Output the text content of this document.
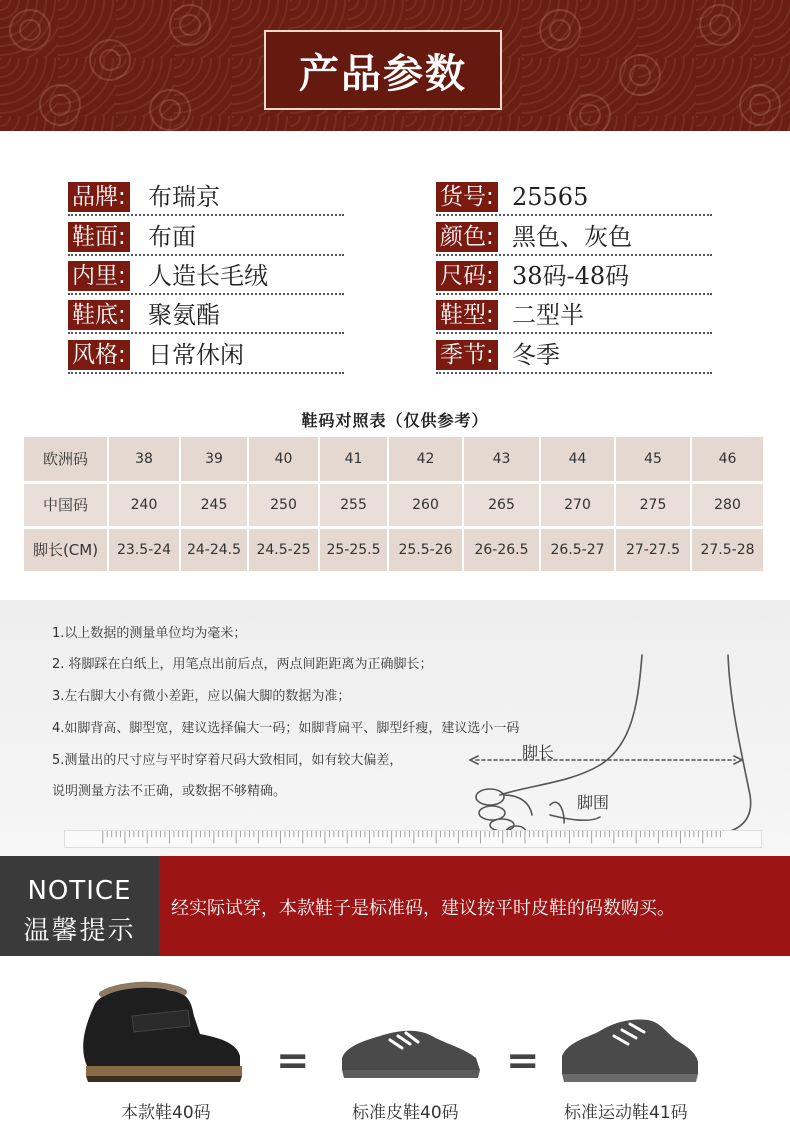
产品参数
品牌: 布瑞京
鞋面: 布面
内里: 人造长毛绒
鞋底: 聚氨酯
风格: 日常休闲
货号: 25565
颜色: 黑色、灰色
尺码: 38码-48码
鞋型: 二型半
季节: 冬季
鞋码对照表（仅供参考）
欧洲码	38	39	40	41	42	43	44	45	46
中国码	240	245	250	255	260	265	270	275	280
脚长(CM)	23.5-24	24-24.5	24.5-25	25-25.5	25.5-26	26-26.5	26.5-27	27-27.5	27.5-28
1.以上数据的测量单位均为毫米；
2. 将脚踩在白纸上，用笔点出前后点，两点间距距离为正确脚长；
3.左右脚大小有微小差距，应以偏大脚的数据为准；
4.如脚背高、脚型宽，建议选择偏大一码；如脚背扁平、脚型纤瘦，建议选小一码
5.测量出的尺寸应与平时穿着尺码大致相同，如有较大偏差，
说明测量方法不正确，或数据不够精确。
脚长
脚围
NOTICE
温馨提示
经实际试穿，本款鞋子是标准码，建议按平时皮鞋的码数购买。
=	=
本款鞋40码	标准皮鞋40码	标准运动鞋41码
